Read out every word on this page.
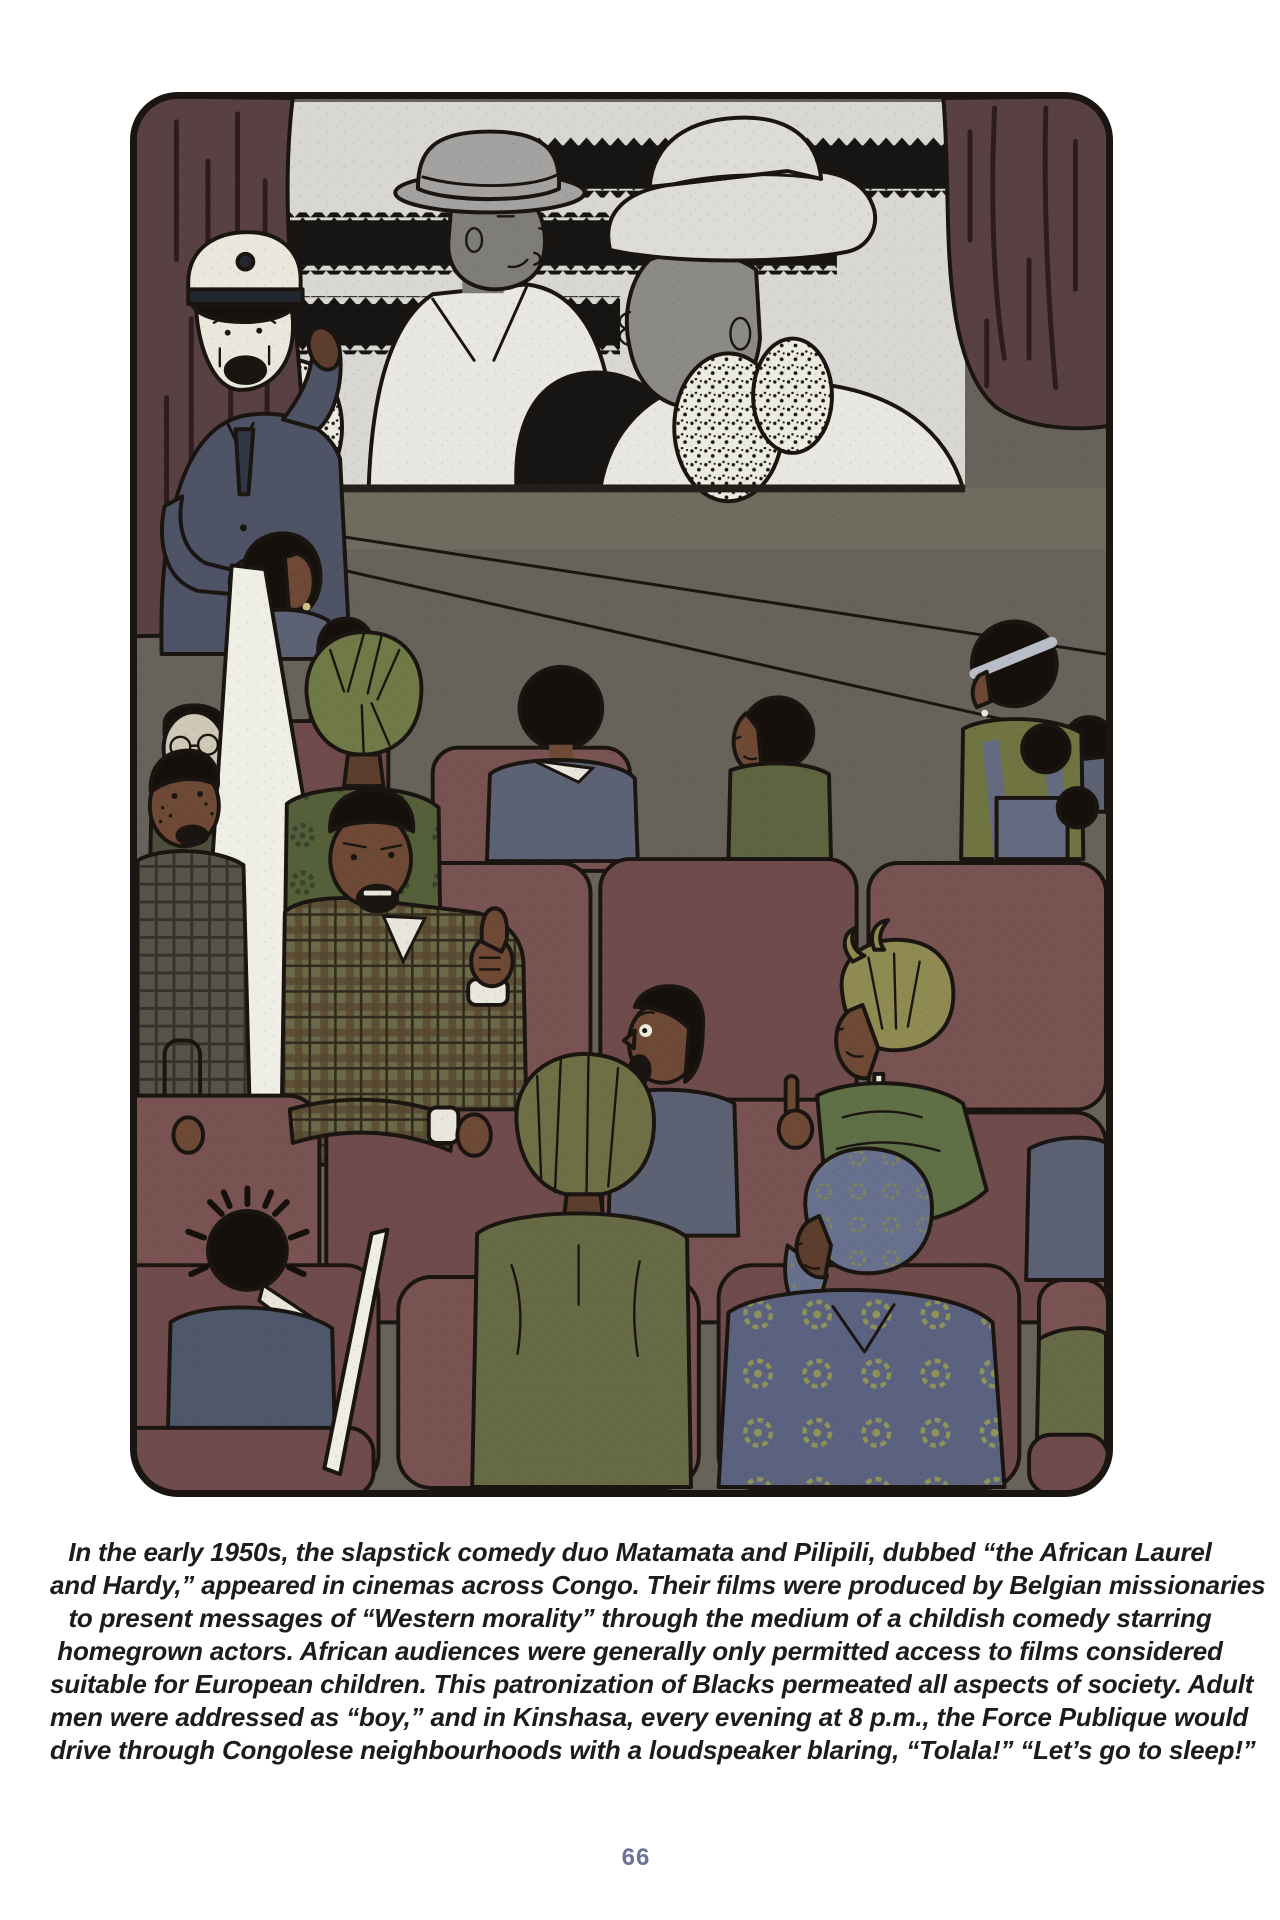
In the early 1950s, the slapstick comedy duo Matamata and Pilipili, dubbed “the African Laurel
and Hardy,” appeared in cinemas across Congo. Their films were produced by Belgian missionaries
to present messages of “Western morality” through the medium of a childish comedy starring
homegrown actors. African audiences were generally only permitted access to films considered
suitable for European children. This patronization of Blacks permeated all aspects of society. Adult
men were addressed as “boy,” and in Kinshasa, every evening at 8 p.m., the Force Publique would
drive through Congolese neighbourhoods with a loudspeaker blaring, “Tolala!” “Let’s go to sleep!”
66
